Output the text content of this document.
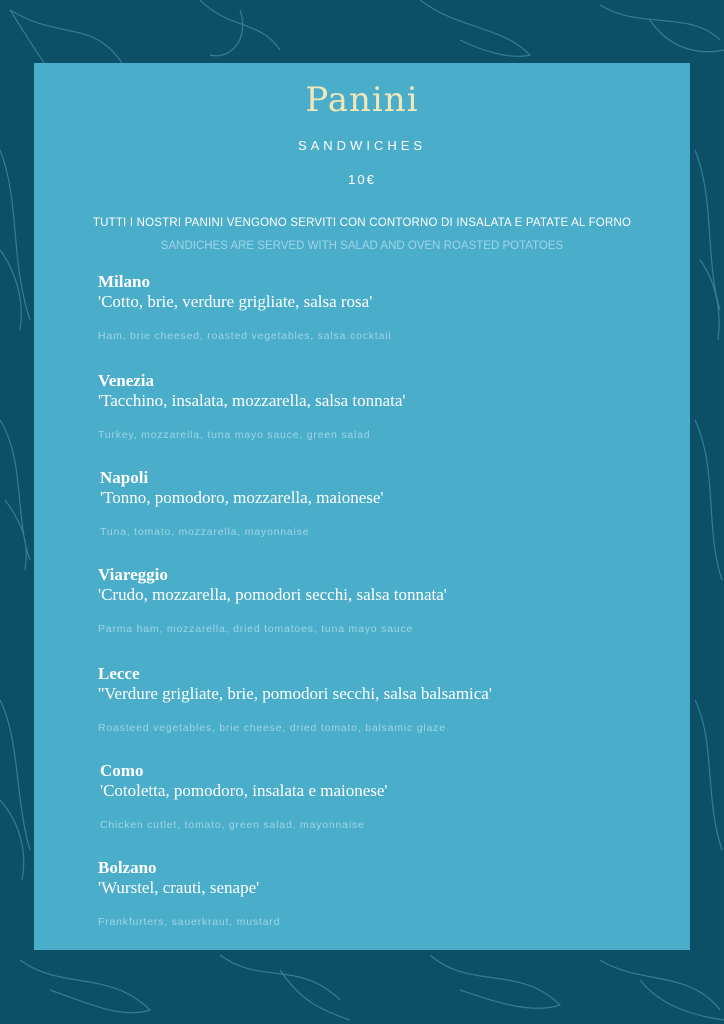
Panini
SANDWICHES
10€
TUTTI I NOSTRI PANINI VENGONO SERVITI CON CONTORNO DI INSALATA E PATATE AL FORNO
SANDICHES ARE SERVED WITH SALAD AND OVEN ROASTED POTATOES
Milano
'Cotto, brie, verdure grigliate, salsa rosa'
Ham, brie cheesed, roasted vegetables, salsa cocktail
Venezia
'Tacchino, insalata, mozzarella, salsa tonnata'
Turkey, mozzarella, tuna mayo sauce, green salad
Napoli
'Tonno, pomodoro, mozzarella, maionese'
Tuna, tomato, mozzarella, mayonnaise
Viareggio
'Crudo, mozzarella, pomodori secchi, salsa tonnata'
Parma ham, mozzarella, dried tomatoes, tuna mayo sauce
Lecce
''Verdure grigliate, brie, pomodori secchi, salsa balsamica'
Roasteed vegetables, brie cheese, dried tomato, balsamic glaze
Como
'Cotoletta, pomodoro, insalata e maionese'
Chicken cutlet, tomato, green salad, mayonnaise
Bolzano
'Wurstel, crauti, senape'
Frankfurters, sauerkraut, mustard
